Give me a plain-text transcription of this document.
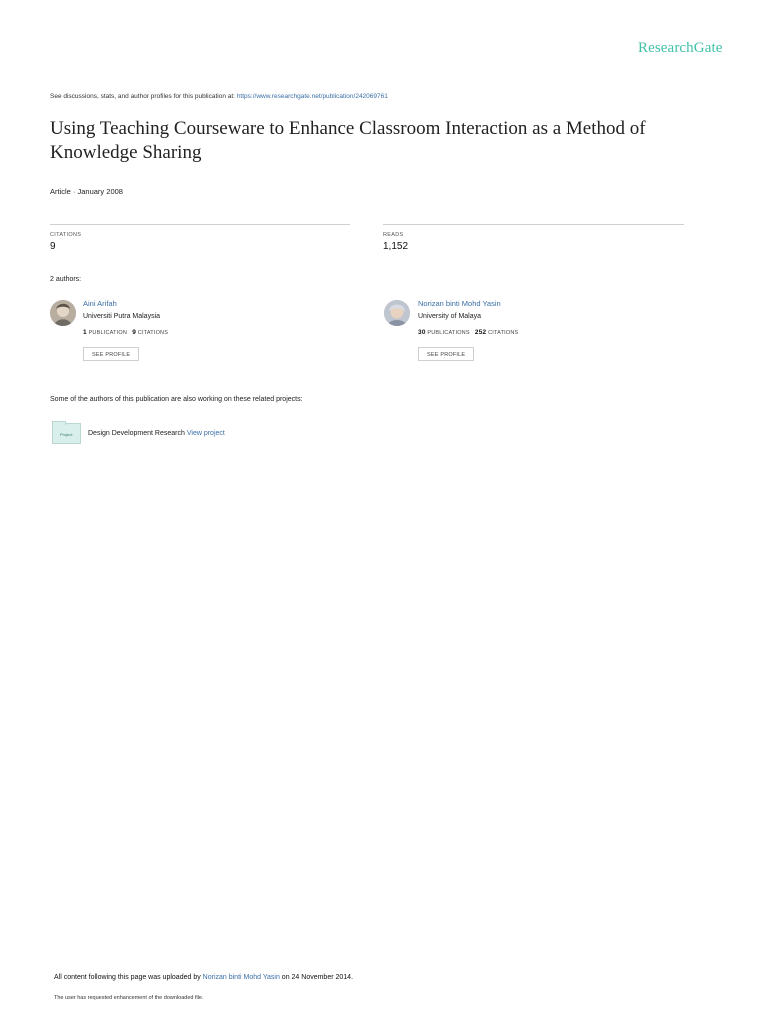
ResearchGate
See discussions, stats, and author profiles for this publication at: https://www.researchgate.net/publication/242069761
Using Teaching Courseware to Enhance Classroom Interaction as a Method of Knowledge Sharing
Article · January 2008
CITATIONS
9
READS
1,152
2 authors:
Aini Arifah
Universiti Putra Malaysia
1 PUBLICATION 9 CITATIONS
SEE PROFILE
Norizan binti Mohd Yasin
University of Malaya
30 PUBLICATIONS 252 CITATIONS
SEE PROFILE
Some of the authors of this publication are also working on these related projects:
Project Design Development Research View project
All content following this page was uploaded by Norizan binti Mohd Yasin on 24 November 2014.
The user has requested enhancement of the downloaded file.
